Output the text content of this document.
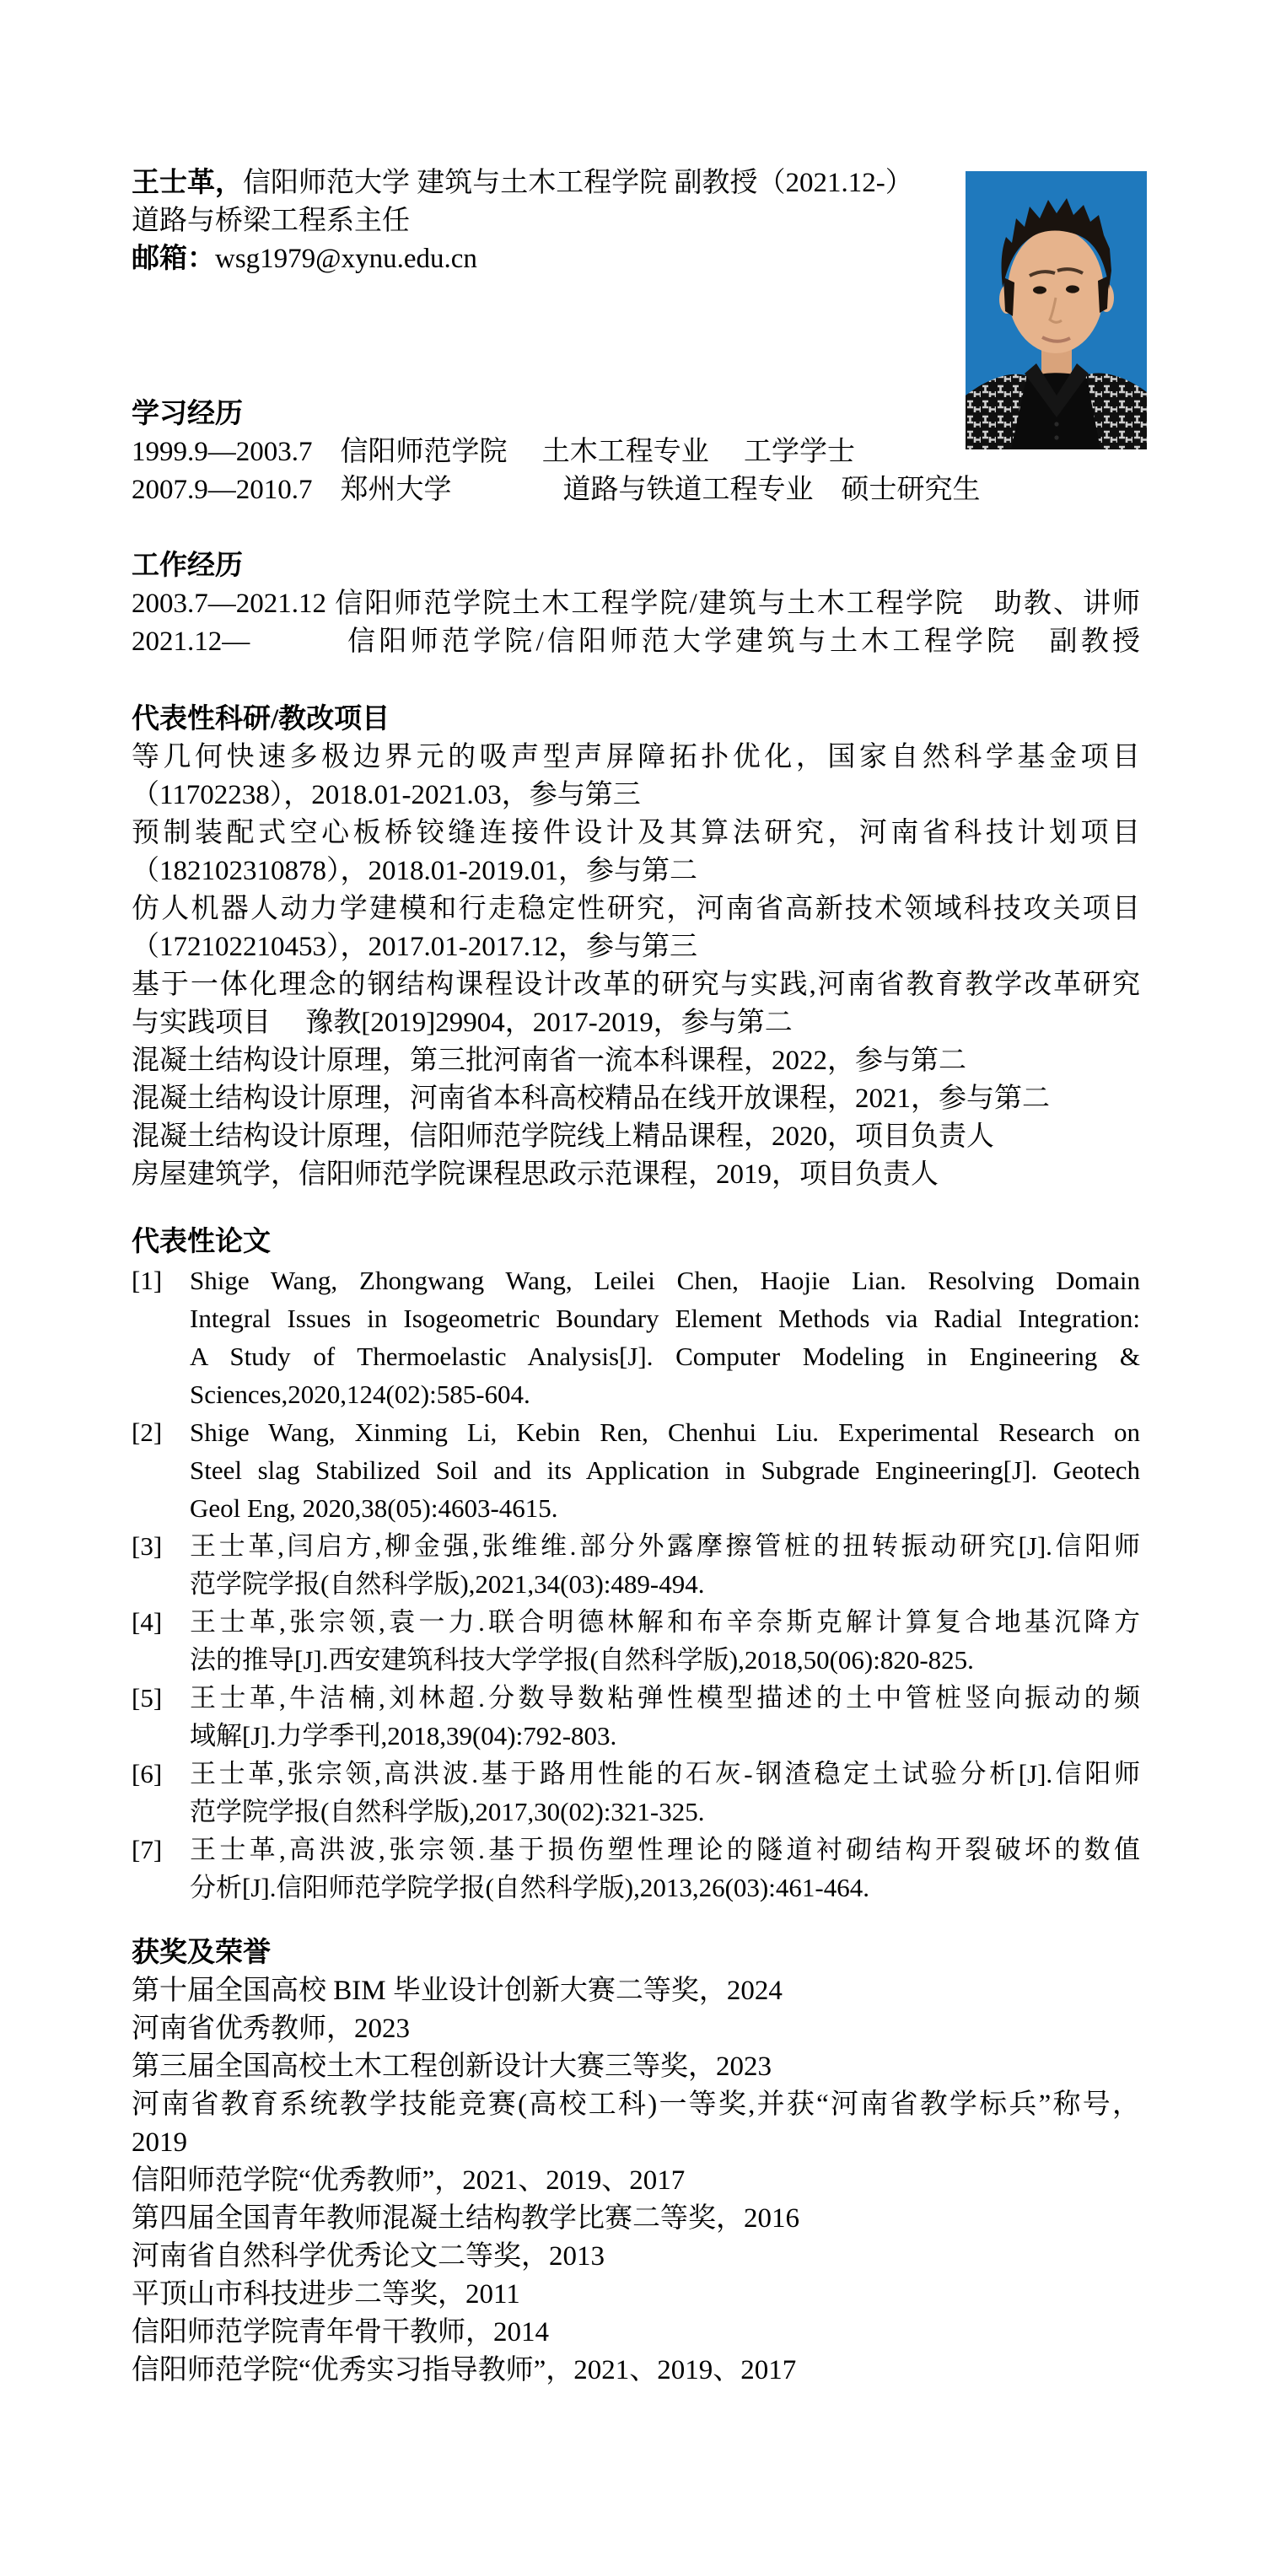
王士革，信阳师范大学 建筑与土木工程学院 副教授（2021.12-）
道路与桥梁工程系主任
邮箱：wsg1979@xynu.edu.cn
学习经历
1999.9—2003.7　信阳师范学院　 土木工程专业　 工学学士
2007.9—2010.7　郑州大学　　　　道路与铁道工程专业　硕士研究生
工作经历
2003.7—2021.12 信阳师范学院土木工程学院/建筑与土木工程学院　助教、讲师
2021.12—　　　信阳师范学院/信阳师范大学建筑与土木工程学院　副教授
代表性科研/教改项目
等几何快速多极边界元的吸声型声屏障拓扑优化，国家自然科学基金项目
（11702238），2018.01-2021.03，参与第三
预制装配式空心板桥铰缝连接件设计及其算法研究，河南省科技计划项目
（182102310878），2018.01-2019.01，参与第二
仿人机器人动力学建模和行走稳定性研究，河南省高新技术领域科技攻关项目
（172102210453），2017.01-2017.12，参与第三
基于一体化理念的钢结构课程设计改革的研究与实践,河南省教育教学改革研究
与实践项目　 豫教[2019]29904，2017-2019，参与第二
混凝土结构设计原理，第三批河南省一流本科课程，2022，参与第二
混凝土结构设计原理，河南省本科高校精品在线开放课程，2021，参与第二
混凝土结构设计原理，信阳师范学院线上精品课程，2020，项目负责人
房屋建筑学，信阳师范学院课程思政示范课程，2019，项目负责人
代表性论文
[1] Shige Wang, Zhongwang Wang, Leilei Chen, Haojie Lian. Resolving Domain
Integral Issues in Isogeometric Boundary Element Methods via Radial Integration:
A Study of Thermoelastic Analysis[J]. Computer Modeling in Engineering &
Sciences,2020,124(02):585-604.
[2] Shige Wang, Xinming Li, Kebin Ren, Chenhui Liu. Experimental Research on
Steel slag Stabilized Soil and its Application in Subgrade Engineering[J]. Geotech
Geol Eng, 2020,38(05):4603-4615.
[3] 王士革,闫启方,柳金强,张维维.部分外露摩擦管桩的扭转振动研究[J].信阳师
范学院学报(自然科学版),2021,34(03):489-494.
[4] 王士革,张宗领,袁一力.联合明德林解和布辛奈斯克解计算复合地基沉降方
法的推导[J].西安建筑科技大学学报(自然科学版),2018,50(06):820-825.
[5] 王士革,牛洁楠,刘林超.分数导数粘弹性模型描述的土中管桩竖向振动的频
域解[J].力学季刊,2018,39(04):792-803.
[6] 王士革,张宗领,高洪波.基于路用性能的石灰-钢渣稳定土试验分析[J].信阳师
范学院学报(自然科学版),2017,30(02):321-325.
[7] 王士革,高洪波,张宗领.基于损伤塑性理论的隧道衬砌结构开裂破坏的数值
分析[J].信阳师范学院学报(自然科学版),2013,26(03):461-464.
获奖及荣誉
第十届全国高校 BIM 毕业设计创新大赛二等奖，2024
河南省优秀教师，2023
第三届全国高校土木工程创新设计大赛三等奖，2023
河南省教育系统教学技能竞赛(高校工科)一等奖,并获“河南省教学标兵”称号，
2019
信阳师范学院“优秀教师”，2021、2019、2017
第四届全国青年教师混凝土结构教学比赛二等奖，2016
河南省自然科学优秀论文二等奖，2013
平顶山市科技进步二等奖，2011
信阳师范学院青年骨干教师，2014
信阳师范学院“优秀实习指导教师”，2021、2019、2017
